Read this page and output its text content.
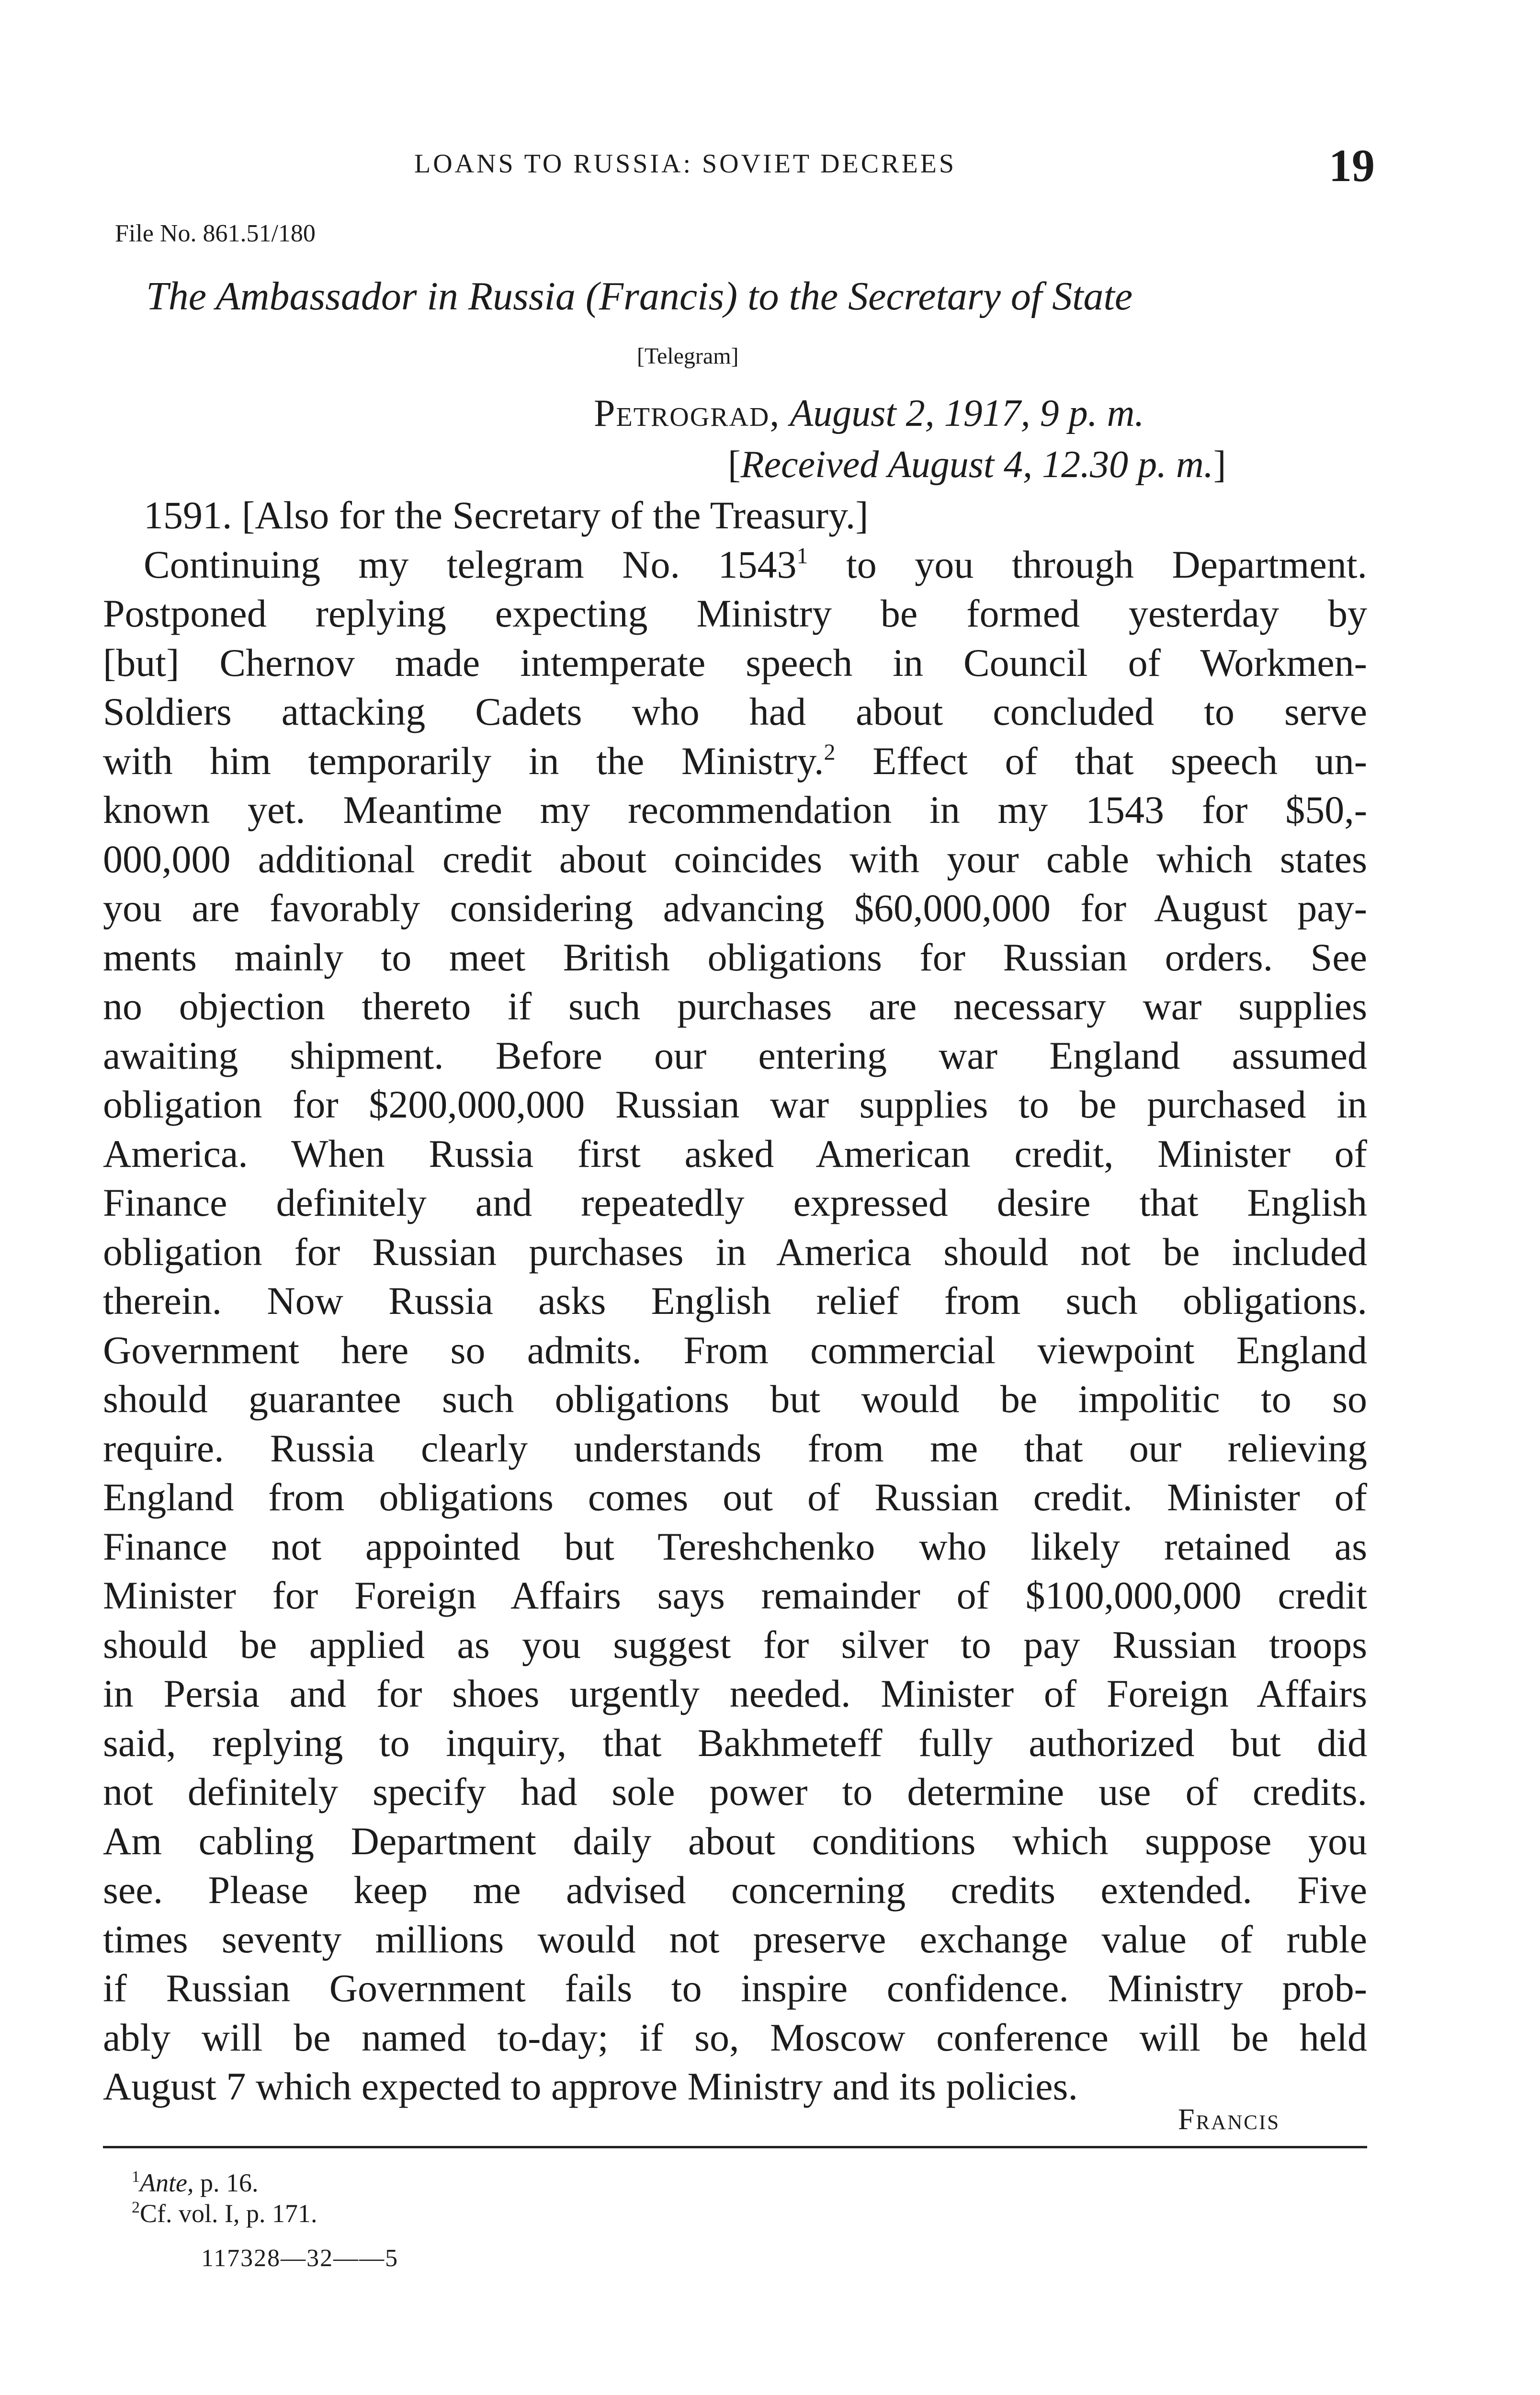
LOANS TO RUSSIA: SOVIET DECREES	19
File No. 861.51/180
The Ambassador in Russia (Francis) to the Secretary of State
[Telegram]
Petrograd, August 2, 1917, 9 p. m.
[Received August 4, 12.30 p. m.]

1591. [Also for the Secretary of the Treasury.]

Continuing my telegram No. 1543$^1$ to you through Department.

Postponed replying expecting Ministry be formed yesterday by

[but] Chernov made intemperate speech in Council of Workmen-

Soldiers attacking Cadets who had about concluded to serve

with him temporarily in the Ministry.$^2$ Effect of that speech un-

known yet. Meantime my recommendation in my 1543 for $50,-

000,000 additional credit about coincides with your cable which states

you are favorably considering advancing $60,000,000 for August pay-

ments mainly to meet British obligations for Russian orders. See

no objection thereto if such purchases are necessary war supplies

awaiting shipment. Before our entering war England assumed

obligation for $200,000,000 Russian war supplies to be purchased in

America. When Russia first asked American credit, Minister of

Finance definitely and repeatedly expressed desire that English

obligation for Russian purchases in America should not be included

therein. Now Russia asks English relief from such obligations.

Government here so admits. From commercial viewpoint England

should guarantee such obligations but would be impolitic to so

require. Russia clearly understands from me that our relieving

England from obligations comes out of Russian credit. Minister of

Finance not appointed but Tereshchenko who likely retained as

Minister for Foreign Affairs says remainder of $100,000,000 credit

should be applied as you suggest for silver to pay Russian troops

in Persia and for shoes urgently needed. Minister of Foreign Affairs

said, replying to inquiry, that Bakhmeteff fully authorized but did

not definitely specify had sole power to determine use of credits.

Am cabling Department daily about conditions which suppose you

see. Please keep me advised concerning credits extended. Five

times seventy millions would not preserve exchange value of ruble

if Russian Government fails to inspire confidence. Ministry prob-

ably will be named to-day; if so, Moscow conference will be held

August 7 which expected to approve Ministry and its policies.

Francis
$^1$Ante, p. 16.
$^2$Cf. vol. I, p. 171.
117328—32——5
